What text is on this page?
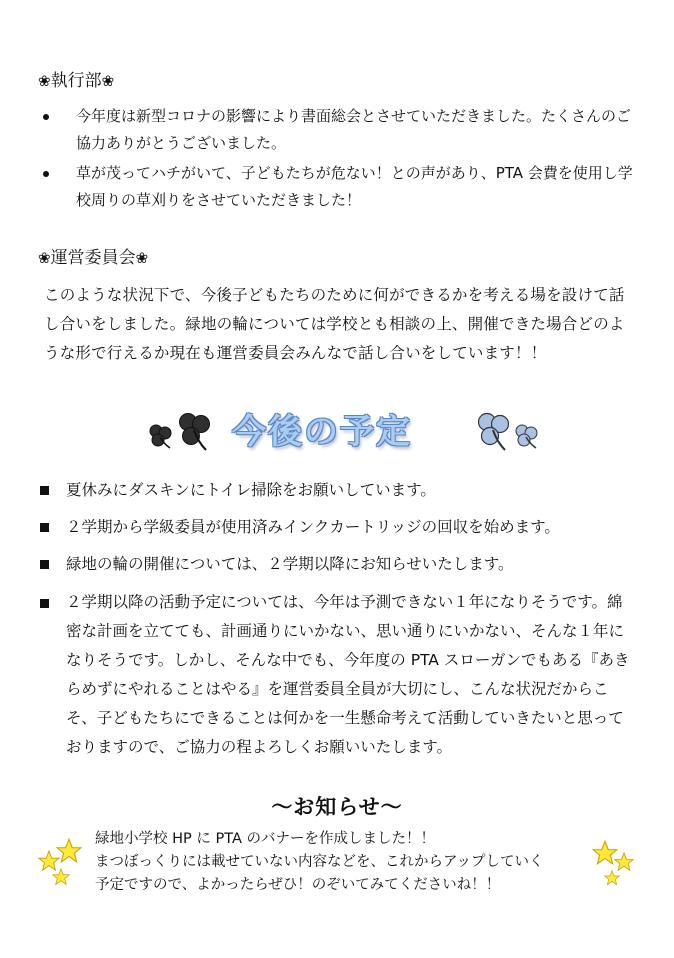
❀執行部❀
今年度は新型コロナの影響により書面総会とさせていただきました。たくさんのご協力ありがとうございました。
草が茂ってハチがいて、子どもたちが危ない！との声があり、PTA 会費を使用し学校周りの草刈りをさせていただきました！
❀運営委員会❀
このような状況下で、今後子どもたちのために何ができるかを考える場を設けて話し合いをしました。緑地の輪については学校とも相談の上、開催できた場合どのような形で行えるか現在も運営委員会みんなで話し合いをしています！！
今後の予定
夏休みにダスキンにトイレ掃除をお願いしています。
２学期から学級委員が使用済みインクカートリッジの回収を始めます。
緑地の輪の開催については、２学期以降にお知らせいたします。
２学期以降の活動予定については、今年は予測できない１年になりそうです。綿密な計画を立てても、計画通りにいかない、思い通りにいかない、そんな１年になりそうです。しかし、そんな中でも、今年度の PTA スローガンでもある『あきらめずにやれることはやる』を運営委員全員が大切にし、こんな状況だからこそ、子どもたちにできることは何かを一生懸命考えて活動していきたいと思っておりますので、ご協力の程よろしくお願いいたします。
～お知らせ～
緑地小学校 HP に PTA のバナーを作成しました！！
まつぼっくりには載せていない内容などを、これからアップしていく
予定ですので、よかったらぜひ！のぞいてみてくださいね！！
